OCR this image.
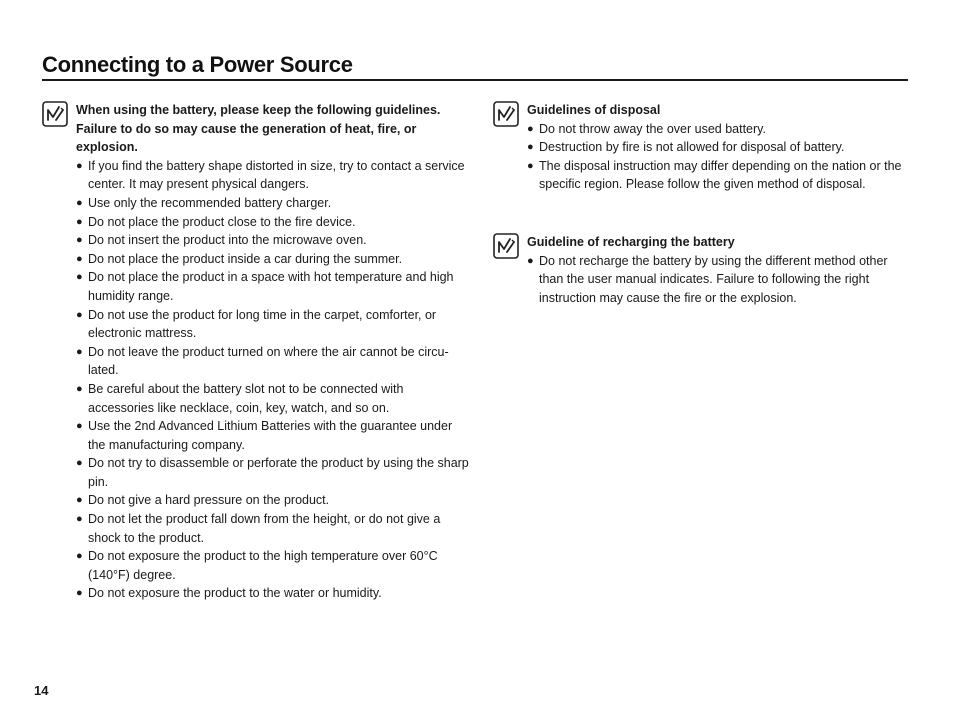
Connecting to a Power Source

When using the battery, please keep the following guidelines. Failure to do so may cause the generation of heat, fire, or explosion.

● If you find the battery shape distorted in size, try to contact a service center. It may present physical dangers.
● Use only the recommended battery charger.
● Do not place the product close to the fire device.
● Do not insert the product into the microwave oven.
● Do not place the product inside a car during the summer.
● Do not place the product in a space with hot temperature and high humidity range.
● Do not use the product for long time in the carpet, comforter, or electronic mattress.
● Do not leave the product turned on where the air cannot be circu-lated.
● Be careful about the battery slot not to be connected with accessories like necklace, coin, key, watch, and so on.
● Use the 2nd Advanced Lithium Batteries with the guarantee under the manufacturing company.
● Do not try to disassemble or perforate the product by using the sharp pin.
● Do not give a hard pressure on the product.
● Do not let the product fall down from the height, or do not give a shock to the product.
● Do not exposure the product to the high temperature over 60°C (140°F) degree.
● Do not exposure the product to the water or humidity.

Guidelines of disposal

● Do not throw away the over used battery.
● Destruction by fire is not allowed for disposal of battery.
● The disposal instruction may differ depending on the nation or the specific region. Please follow the given method of disposal.

Guideline of recharging the battery

● Do not recharge the battery by using the different method other than the user manual indicates. Failure to following the right instruction may cause the fire or the explosion.
14
